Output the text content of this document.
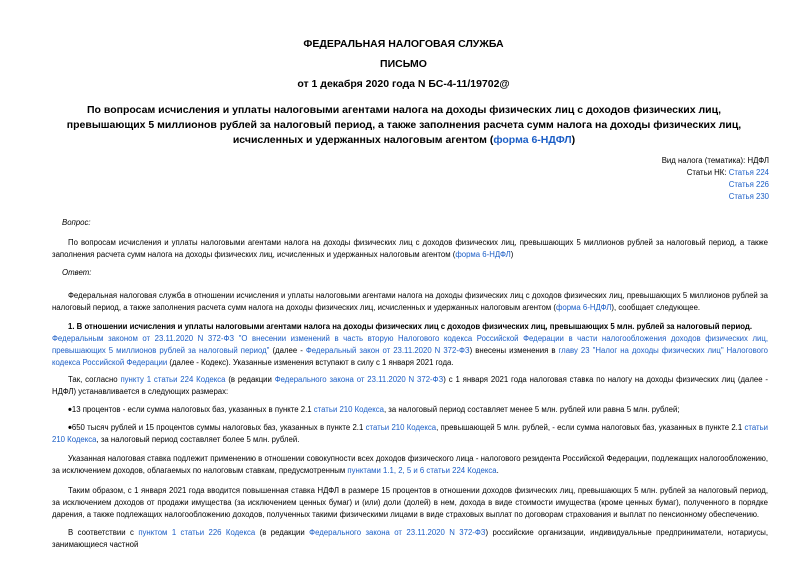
ФЕДЕРАЛЬНАЯ НАЛОГОВАЯ СЛУЖБА
ПИСЬМО
от 1 декабря 2020 года N БС-4-11/19702@
По вопросам исчисления и уплаты налоговыми агентами налога на доходы физических лиц с доходов физических лиц, превышающих 5 миллионов рублей за налоговый период, а также заполнения расчета сумм налога на доходы физических лиц, исчисленных и удержанных налоговым агентом (форма 6-НДФЛ)
Вид налога (тематика): НДФЛ
Статьи НК: Статья 224
Статья 226
Статья 230
Вопрос:

По вопросам исчисления и уплаты налоговыми агентами налога на доходы физических лиц с доходов физических лиц, превышающих 5 миллионов рублей за налоговый период, а также заполнения расчета сумм налога на доходы физических лиц, исчисленных и удержанных налоговым агентом (форма 6-НДФЛ)

Ответ:

Федеральная налоговая служба в отношении исчисления и уплаты налоговыми агентами налога на доходы физических лиц с доходов физических лиц, превышающих 5 миллионов рублей за налоговый период, а также заполнения расчета сумм налога на доходы физических лиц, исчисленных и удержанных налоговым агентом (форма 6-НДФЛ), сообщает следующее.

1. В отношении исчисления и уплаты налоговыми агентами налога на доходы физических лиц с доходов физических лиц, превышающих 5 млн. рублей за налоговый период.
Федеральным законом от 23.11.2020 N 372-ФЗ "О внесении изменений в часть вторую Налогового кодекса Российской Федерации в части налогообложения доходов физических лиц, превышающих 5 миллионов рублей за налоговый период" (далее - Федеральный закон от 23.11.2020 N 372-ФЗ) внесены изменения в главу 23 "Налог на доходы физических лиц" Налогового кодекса Российской Федерации (далее - Кодекс). Указанные изменения вступают в силу с 1 января 2021 года.

Так, согласно пункту 1 статьи 224 Кодекса (в редакции Федерального закона от 23.11.2020 N 372-ФЗ) с 1 января 2021 года налоговая ставка по налогу на доходы физических лиц (далее - НДФЛ) устанавливается в следующих размерах:

•13 процентов - если сумма налоговых баз, указанных в пункте 2.1 статьи 210 Кодекса, за налоговый период составляет менее 5 млн. рублей или равна 5 млн. рублей;

•650 тысяч рублей и 15 процентов суммы налоговых баз, указанных в пункте 2.1 статьи 210 Кодекса, превышающей 5 млн. рублей, - если сумма налоговых баз, указанных в пункте 2.1 статьи 210 Кодекса, за налоговый период составляет более 5 млн. рублей.

Указанная налоговая ставка подлежит применению в отношении совокупности всех доходов физического лица - налогового резидента Российской Федерации, подлежащих налогообложению, за исключением доходов, облагаемых по налоговым ставкам, предусмотренным пунктами 1.1, 2, 5 и 6 статьи 224 Кодекса.

Таким образом, с 1 января 2021 года вводится повышенная ставка НДФЛ в размере 15 процентов в отношении доходов физических лиц, превышающих 5 млн. рублей за налоговый период, за исключением доходов от продажи имущества (за исключением ценных бумаг) и (или) доли (долей) в нем, дохода в виде стоимости имущества (кроме ценных бумаг), полученного в порядке дарения, а также подлежащих налогообложению доходов, полученных такими физическими лицами в виде страховых выплат по договорам страхования и выплат по пенсионному обеспечению.

В соответствии с пунктом 1 статьи 226 Кодекса (в редакции Федерального закона от 23.11.2020 N 372-ФЗ) российские организации, индивидуальные предприниматели, нотариусы, занимающиеся частной
